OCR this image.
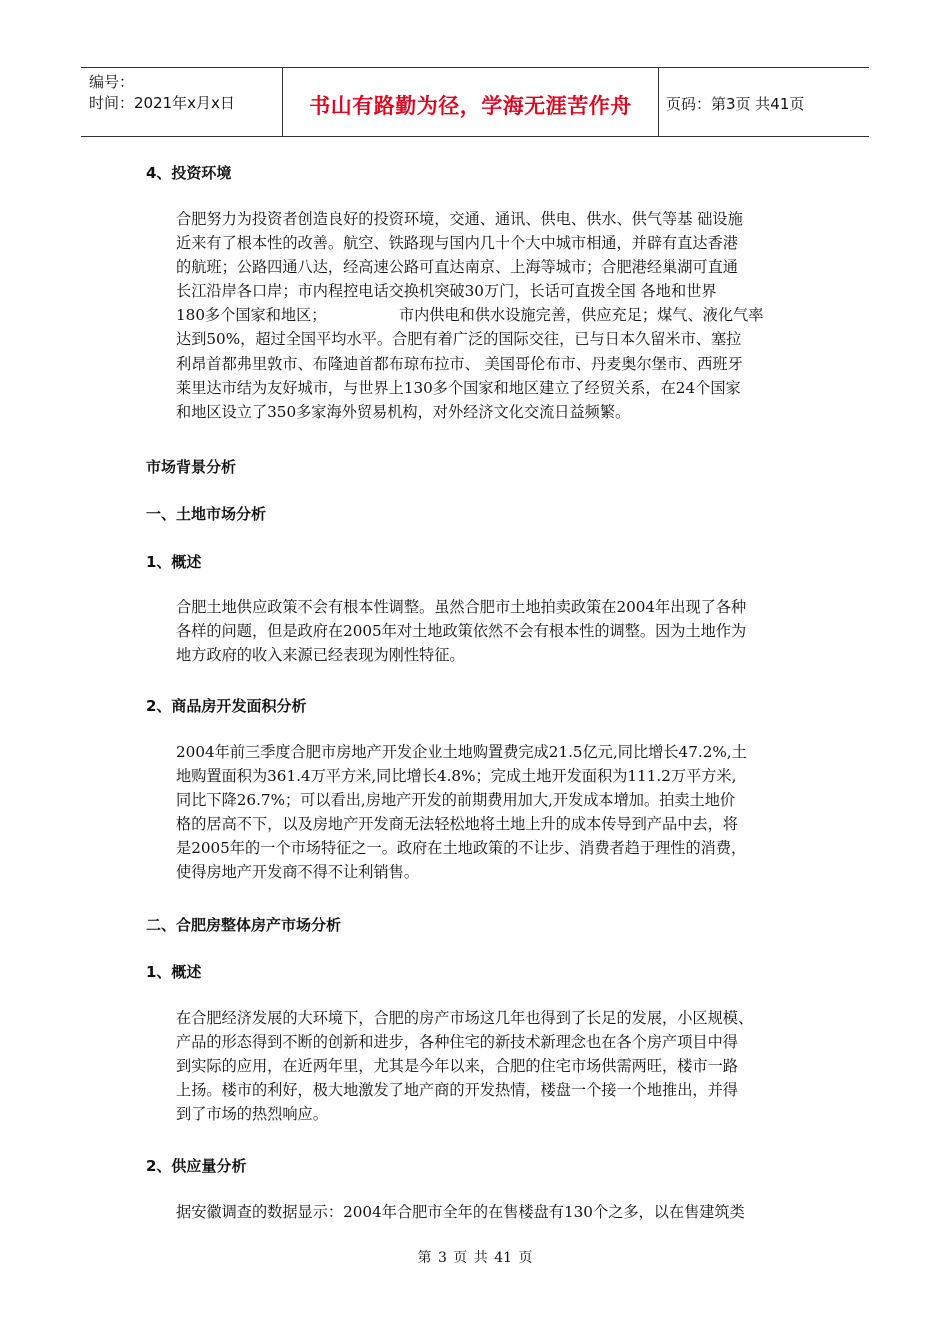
编号：
时间：2021年x月x日	书山有路勤为径，学海无涯苦作舟	页码：第3页 共41页
4、投资环境
合肥努力为投资者创造良好的投资环境，交通、通讯、供电、供水、供气等基 础设施
近来有了根本性的改善。航空、铁路现与国内几十个大中城市相通，并辟有直达香港
的航班；公路四通八达，经高速公路可直达南京、上海等城市；合肥港经巢湖可直通
长江沿岸各口岸；市内程控电话交换机突破30万门，长话可直拨全国 各地和世界
180多个国家和地区；               市内供电和供水设施完善，供应充足；煤气、液化气率
达到50%，超过全国平均水平。合肥有着广泛的国际交往，已与日本久留米市、塞拉
利昂首都弗里敦市、布隆迪首都布琼布拉市、 美国哥伦布市、丹麦奥尔堡市、西班牙
莱里达市结为友好城市，与世界上130多个国家和地区建立了经贸关系，在24个国家
和地区设立了350多家海外贸易机构，对外经济文化交流日益频繁。
市场背景分析
一、土地市场分析
1、概述
合肥土地供应政策不会有根本性调整。虽然合肥市土地拍卖政策在2004年出现了各种
各样的问题，但是政府在2005年对土地政策依然不会有根本性的调整。因为土地作为
地方政府的收入来源已经表现为刚性特征。
2、商品房开发面积分析
2004年前三季度合肥市房地产开发企业土地购置费完成21.5亿元,同比增长47.2%,土
地购置面积为361.4万平方米,同比增长4.8%；完成土地开发面积为111.2万平方米,
同比下降26.7%；可以看出,房地产开发的前期费用加大,开发成本增加。拍卖土地价
格的居高不下，以及房地产开发商无法轻松地将土地上升的成本传导到产品中去，将
是2005年的一个市场特征之一。政府在土地政策的不让步、消费者趋于理性的消费，
使得房地产开发商不得不让利销售。
二、合肥房整体房产市场分析
1、概述
在合肥经济发展的大环境下，合肥的房产市场这几年也得到了长足的发展，小区规模、
产品的形态得到不断的创新和进步，各种住宅的新技术新理念也在各个房产项目中得
到实际的应用，在近两年里，尤其是今年以来，合肥的住宅市场供需两旺，楼市一路
上扬。楼市的利好，极大地激发了地产商的开发热情，楼盘一个接一个地推出，并得
到了市场的热烈响应。
2、供应量分析
据安徽调查的数据显示：2004年合肥市全年的在售楼盘有130个之多，以在售建筑类
第 3 页 共 41 页
